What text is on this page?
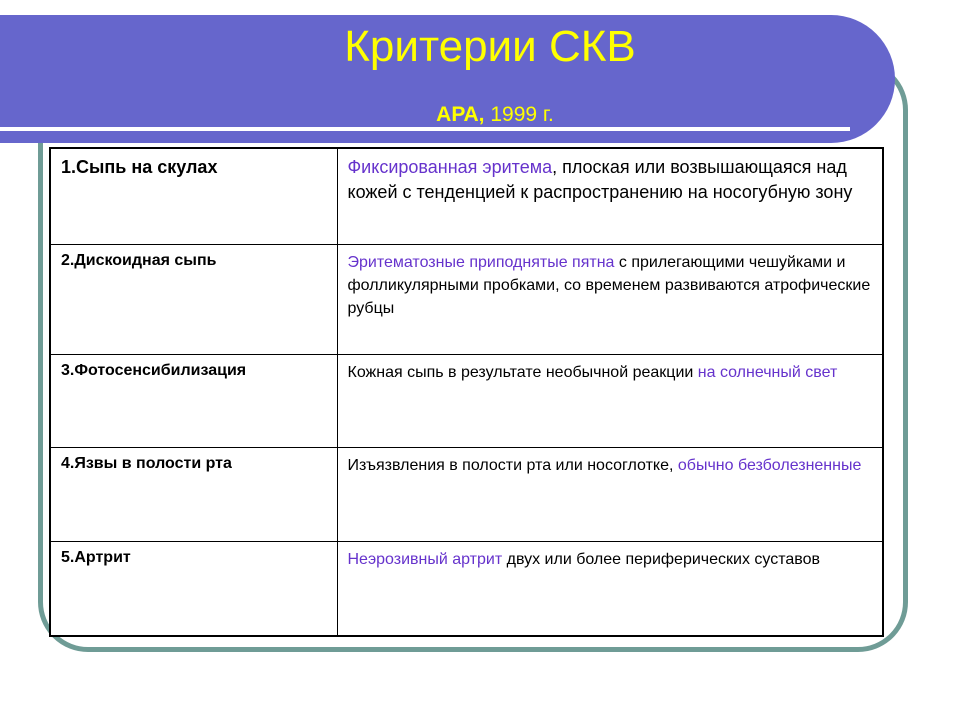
Критерии СКВ
АРА, 1999 г.
1.Сыпь на скулах	Фиксированная эритема, плоская или возвышающаяся над кожей с тенденцией к распространению на носогубную зону
2.Дискоидная сыпь	Эритематозные приподнятые пятна с прилегающими чешуйками и фолликулярными пробками, со временем развиваются атрофические рубцы
3.Фотосенсибилизация	Кожная сыпь в результате необычной реакции на солнечный свет
4.Язвы в полости рта	Изъязвления в полости рта или носоглотке, обычно безболезненные
5.Артрит	Неэрозивный артрит двух или более периферических суставов
